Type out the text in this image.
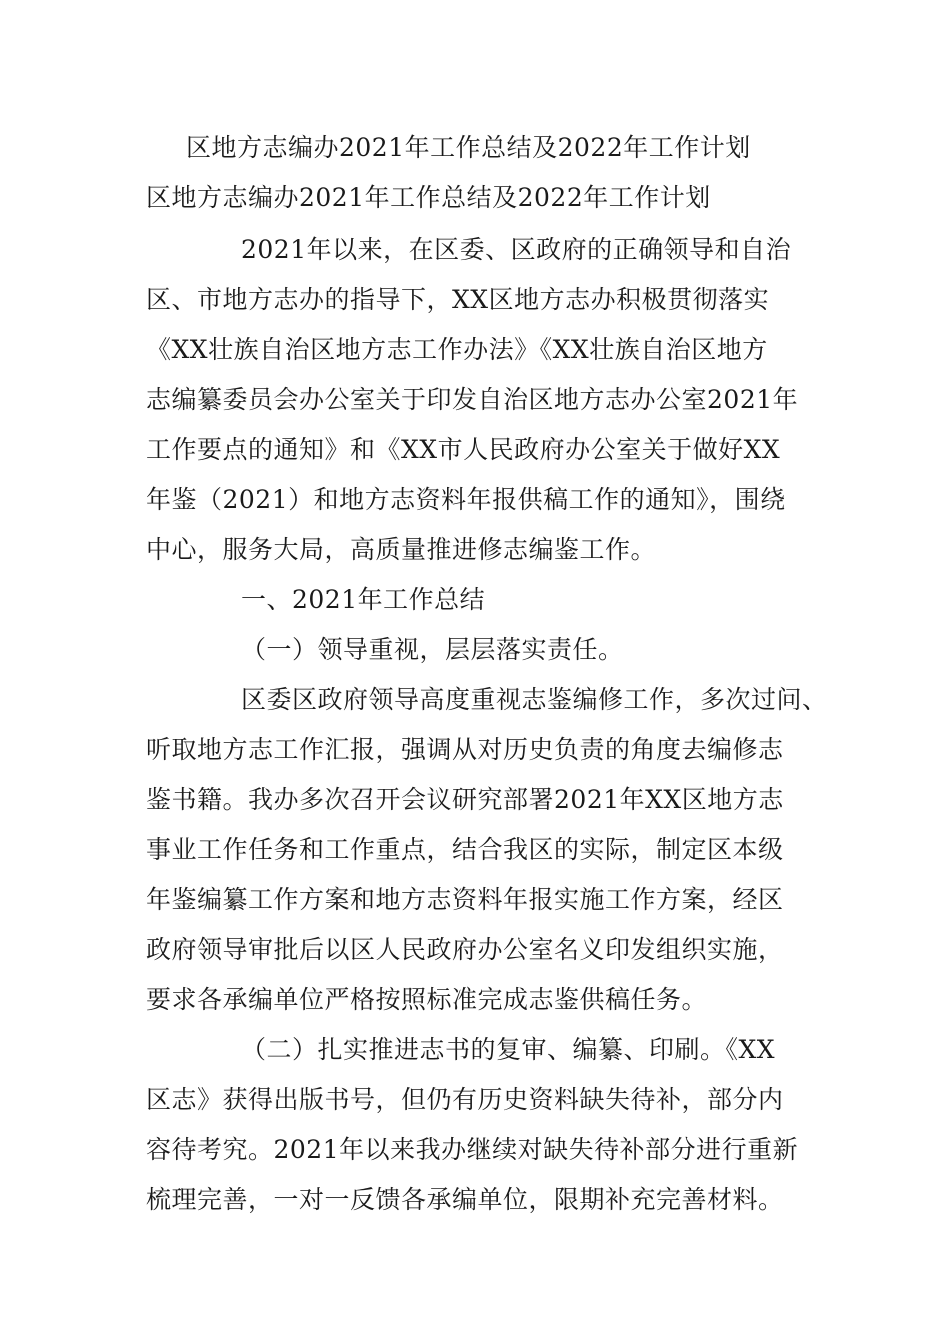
区地方志编办2021年工作总结及2022年工作计划
区地方志编办2021年工作总结及2022年工作计划
2021年以来，在区委、区政府的正确领导和自治
区、市地方志办的指导下，XX区地方志办积极贯彻落实
《XX壮族自治区地方志工作办法》《XX壮族自治区地方
志编纂委员会办公室关于印发自治区地方志办公室2021年
工作要点的通知》和《XX市人民政府办公室关于做好XX
年鉴（2021）和地方志资料年报供稿工作的通知》，围绕
中心，服务大局，高质量推进修志编鉴工作。
一、2021年工作总结
（一）领导重视，层层落实责任。
区委区政府领导高度重视志鉴编修工作，多次过问、
听取地方志工作汇报，强调从对历史负责的角度去编修志
鉴书籍。我办多次召开会议研究部署2021年XX区地方志
事业工作任务和工作重点，结合我区的实际，制定区本级
年鉴编纂工作方案和地方志资料年报实施工作方案，经区
政府领导审批后以区人民政府办公室名义印发组织实施，
要求各承编单位严格按照标准完成志鉴供稿任务。
（二）扎实推进志书的复审、编纂、印刷。《XX
区志》获得出版书号，但仍有历史资料缺失待补，部分内
容待考究。2021年以来我办继续对缺失待补部分进行重新
梳理完善，一对一反馈各承编单位，限期补充完善材料。
